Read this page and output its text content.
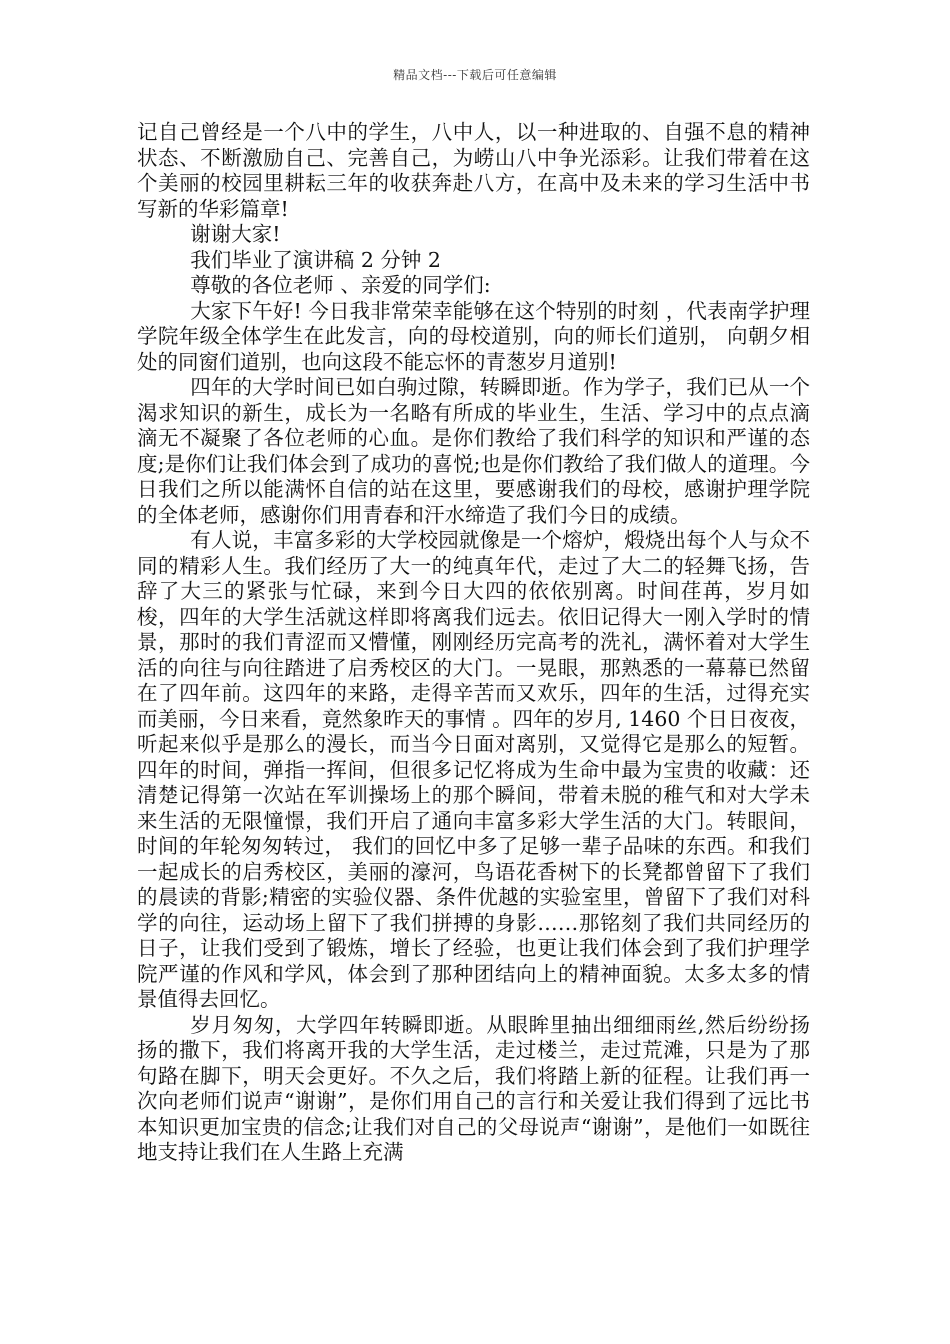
精品文档---下载后可任意编辑

记自己曾经是一个八中的学生，八中人，以一种进取的、自强不息的精神状态、不断激励自己、完善自己，为崂山八中争光添彩。让我们带着在这个美丽的校园里耕耘三年的收获奔赴八方，在高中及未来的学习生活中书写新的华彩篇章!

谢谢大家!

我们毕业了演讲稿 2 分钟 2

尊敬的各位老师 、亲爱的同学们:

大家下午好! 今日我非常荣幸能够在这个特别的时刻 ，代表南学护理学院年级全体学生在此发言，向的母校道别，向的师长们道别， 向朝夕相处的同窗们道别，也向这段不能忘怀的青葱岁月道别!

四年的大学时间已如白驹过隙，转瞬即逝。作为学子，我们已从一个渴求知识的新生，成长为一名略有所成的毕业生，生活、学习中的点点滴滴无不凝聚了各位老师的心血。是你们教给了我们科学的知识和严谨的态度;是你们让我们体会到了成功的喜悦;也是你们教给了我们做人的道理。今日我们之所以能满怀自信的站在这里，要感谢我们的母校，感谢护理学院的全体老师，感谢你们用青春和汗水缔造了我们今日的成绩。

有人说，丰富多彩的大学校园就像是一个熔炉，煅烧出每个人与众不同的精彩人生。我们经历了大一的纯真年代，走过了大二的轻舞飞扬，告辞了大三的紧张与忙碌，来到今日大四的依依别离。时间荏苒，岁月如梭，四年的大学生活就这样即将离我们远去。依旧记得大一刚入学时的情景，那时的我们青涩而又懵懂，刚刚经历完高考的洗礼，满怀着对大学生活的向往与向往踏进了启秀校区的大门。一晃眼，那熟悉的一幕幕已然留在了四年前。这四年的来路，走得辛苦而又欢乐，四年的生活，过得充实而美丽，今日来看，竟然象昨天的事情 。四年的岁月, 1460 个日日夜夜，听起来似乎是那么的漫长，而当今日面对离别，又觉得它是那么的短暂。四年的时间，弹指一挥间，但很多记忆将成为生命中最为宝贵的收藏：还清楚记得第一次站在军训操场上的那个瞬间，带着未脱的稚气和对大学未来生活的无限憧憬，我们开启了通向丰富多彩大学生活的大门。转眼间，时间的年轮匆匆转过， 我们的回忆中多了足够一辈子品味的东西。和我们一起成长的启秀校区，美丽的濠河，鸟语花香树下的长凳都曾留下了我们的晨读的背影;精密的实验仪器、条件优越的实验室里，曾留下了我们对科学的向往，运动场上留下了我们拼搏的身影……那铭刻了我们共同经历的日子，让我们受到了锻炼，增长了经验，也更让我们体会到了我们护理学院严谨的作风和学风，体会到了那种团结向上的精神面貌。太多太多的情景值得去回忆。

岁月匆匆，大学四年转瞬即逝。从眼眸里抽出细细雨丝,然后纷纷扬扬的撒下，我们将离开我的大学生活，走过楼兰，走过荒滩，只是为了那句路在脚下，明天会更好。不久之后，我们将踏上新的征程。让我们再一次向老师们说声“谢谢”，是你们用自己的言行和关爱让我们得到了远比书本知识更加宝贵的信念;让我们对自己的父母说声“谢谢”，是他们一如既往地支持让我们在人生路上充满
